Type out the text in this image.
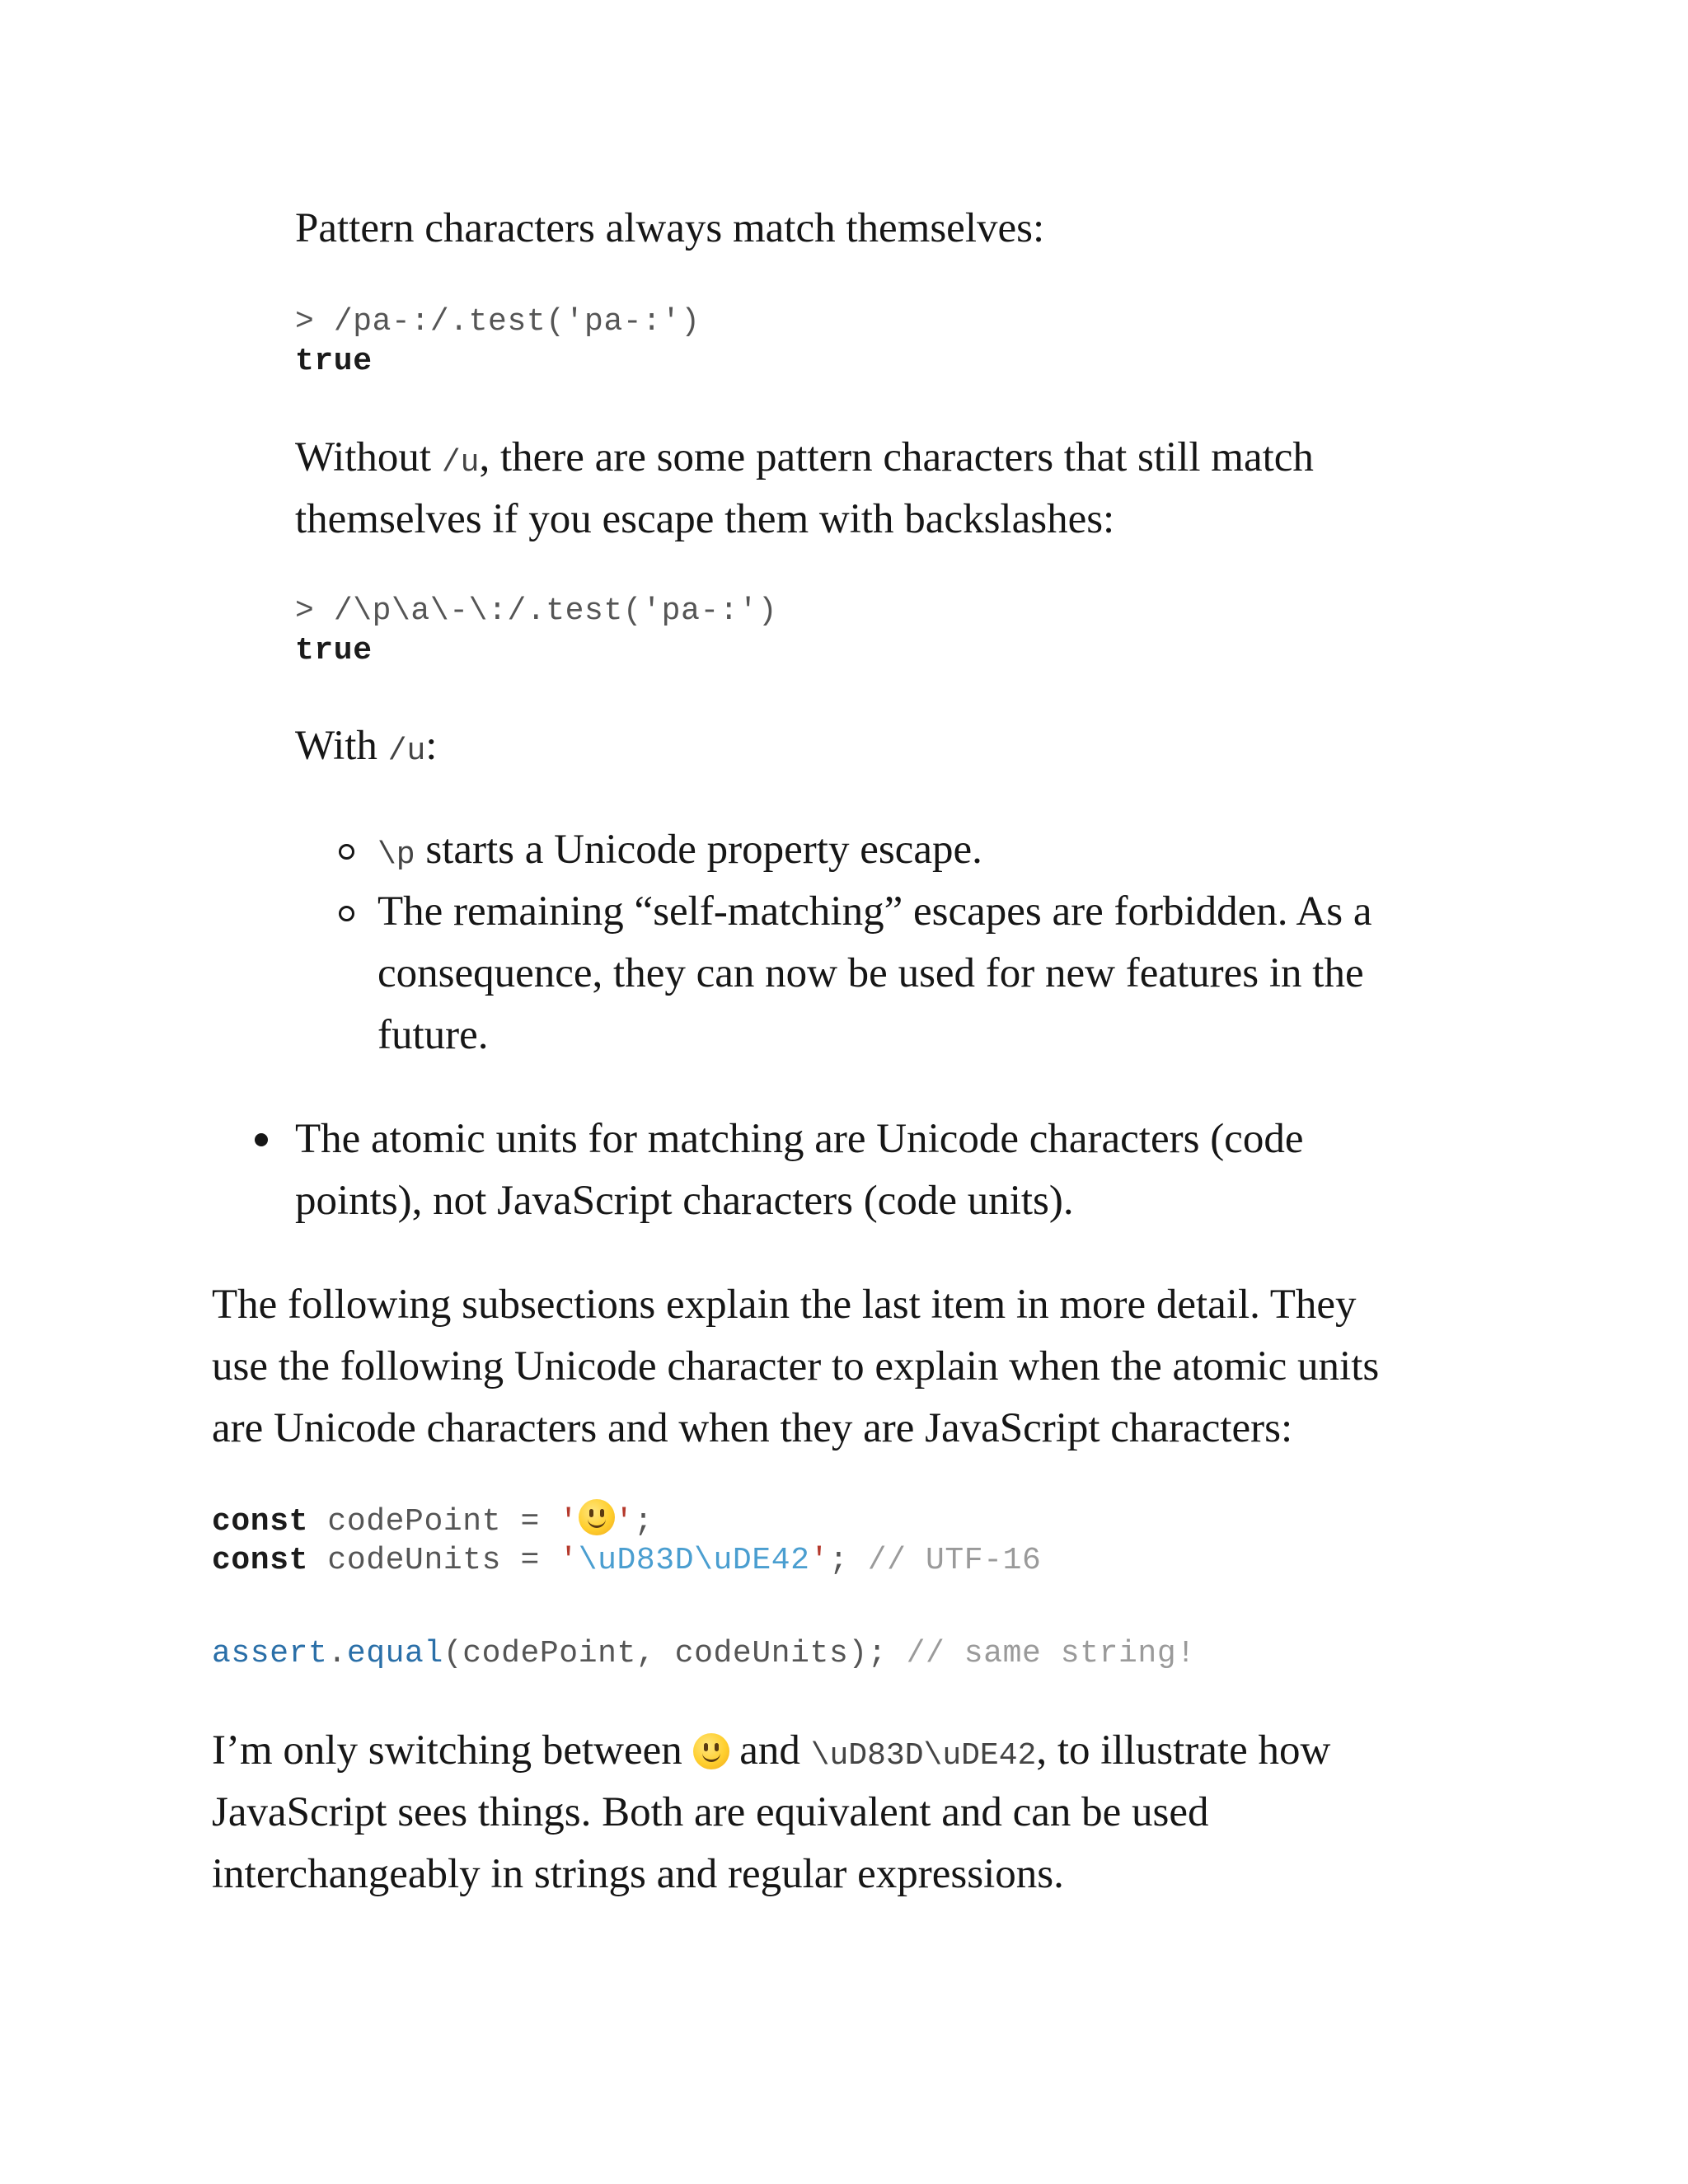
Pattern characters always match themselves:
> /pa-:/.test('pa-:')
true
Without /u, there are some pattern characters that still match
themselves if you escape them with backslashes:
> /\p\a\-\:/.test('pa-:')
true
With /u:
\p starts a Unicode property escape.
The remaining “self-matching” escapes are forbidden. As a
consequence, they can now be used for new features in the
future.
The atomic units for matching are Unicode characters (code
points), not JavaScript characters (code units).
The following subsections explain the last item in more detail. They
use the following Unicode character to explain when the atomic units
are Unicode characters and when they are JavaScript characters:
const codePoint = ' ';
const codeUnits = '\uD83D\uDE42'; // UTF-16
assert.equal(codePoint, codeUnits); // same string!
I’m only switching between
and \uD83D\uDE42, to illustrate how
JavaScript sees things. Both are equivalent and can be used
interchangeably in strings and regular expressions.
